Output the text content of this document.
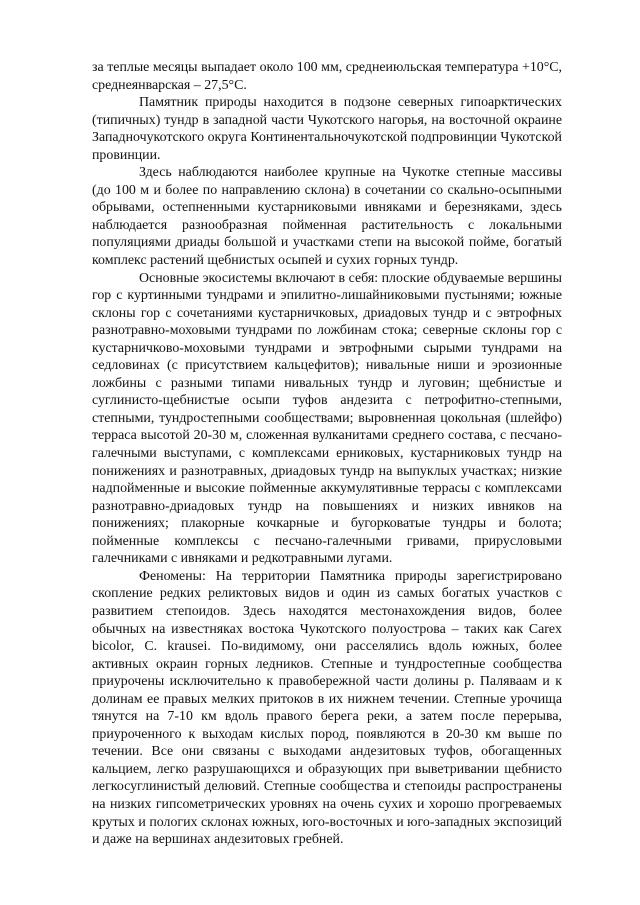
за теплые месяцы выпадает около 100 мм, среднеиюльская температура +10°С, среднеянварская – 27,5°С.

Памятник природы находится в подзоне северных гипоарктических (типичных) тундр в западной части Чукотского нагорья, на восточной окраине Западночукотского округа Континентальночукотской подпровинции Чукотской провинции.

Здесь наблюдаются наиболее крупные на Чукотке степные массивы (до 100 м и более по направлению склона) в сочетании со скально-осыпными обрывами, остепненными кустарниковыми ивняками и березняками, здесь наблюдается разнообразная пойменная растительность с локальными популяциями дриады большой и участками степи на высокой пойме, богатый комплекс растений щебнистых осыпей и сухих горных тундр.

Основные экосистемы включают в себя: плоские обдуваемые вершины гор с куртинными тундрами и эпилитно-лишайниковыми пустынями; южные склоны гор с сочетаниями кустарничковых, дриадовых тундр и с эвтрофных разнотравно-моховыми тундрами по ложбинам стока; северные склоны гор с кустарничково-моховыми тундрами и эвтрофными сырыми тундрами на седловинах (с присутствием кальцефитов); нивальные ниши и эрозионные ложбины с разными типами нивальных тундр и луговин; щебнистые и суглинисто-щебнистые осыпи туфов андезита с петрофитно-степными, степными, тундростепными сообществами; выровненная цокольная (шлейфо) терраса высотой 20-30 м, сложенная вулканитами среднего состава, с песчано-галечными выступами, с комплексами ерниковых, кустарниковых тундр на понижениях и разнотравных, дриадовых тундр на выпуклых участках; низкие надпойменные и высокие пойменные аккумулятивные террасы с комплексами разнотравно-дриадовых тундр на повышениях и низких ивняков на понижениях; плакорные кочкарные и бугорковатые тундры и болота; пойменные комплексы с песчано-галечными гривами, прирусловыми галечниками с ивняками и редкотравными лугами.

Феномены: На территории Памятника природы зарегистрировано скопление редких реликтовых видов и один из самых богатых участков с развитием степоидов. Здесь находятся местонахождения видов, более обычных на известняках востока Чукотского полуострова – таких как Carex bicolor, C. krausei. По-видимому, они расселялись вдоль южных, более активных окраин горных ледников. Степные и тундростепные сообщества приурочены исключительно к правобережной части долины р. Паляваам и к долинам ее правых мелких притоков в их нижнем течении. Степные урочища тянутся на 7-10 км вдоль правого берега реки, а затем после перерыва, приуроченного к выходам кислых пород, появляются в 20-30 км выше по течении. Все они связаны с выходами андезитовых туфов, обогащенных кальцием, легко разрушающихся и образующих при выветривании щебнисто легкосуглинистый делювий. Степные сообщества и степоиды распространены на низких гипсометрических уровнях на очень сухих и хорошо прогреваемых крутых и пологих склонах южных, юго-восточных и юго-западных экспозиций и даже на вершинах андезитовых гребней.
